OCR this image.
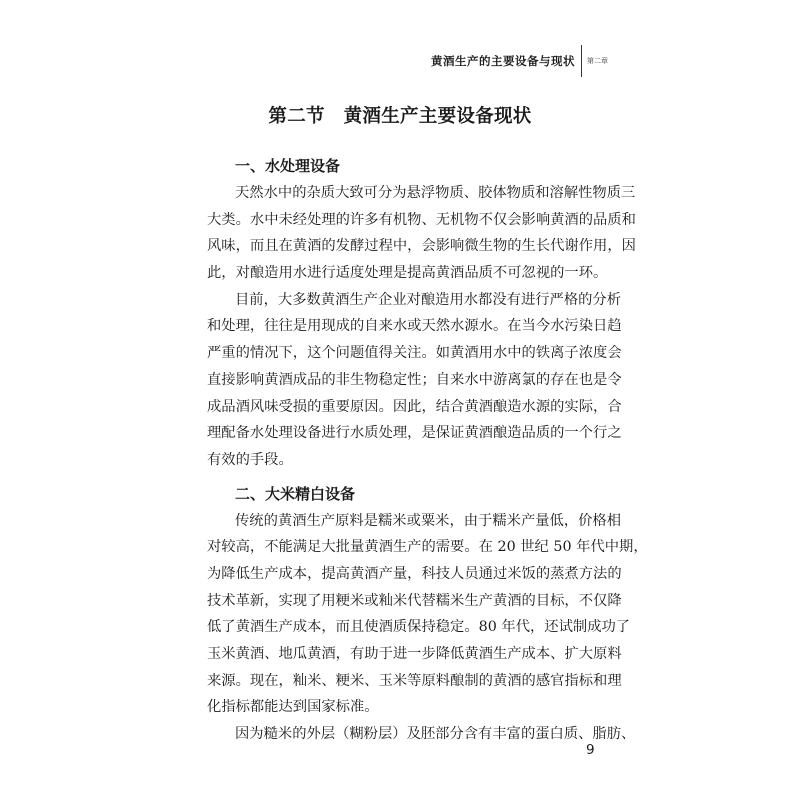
黄酒生产的主要设备与现状 第二章
第二节　黄酒生产主要设备现状
一、水处理设备
天 然 水 中 的 杂 质 大 致 可 分 为 悬 浮 物 质 、 胶 体 物 质 和 溶 解 性 物 质 三
大 类 。 水 中 未 经 处 理 的 许 多 有 机 物 、 无 机 物 不 仅 会 影 响 黄 酒 的 品 质 和
风 味 ， 而 且 在 黄 酒 的 发 酵 过 程 中 ， 会 影 响 微 生 物 的 生 长 代 谢 作 用 ， 因
此，对酿造用水进行适度处理是提高黄酒品质不可忽视的一环。
目 前 ， 大 多 数 黄 酒 生 产 企 业 对 酿 造 用 水 都 没 有 进 行 严 格 的 分 析
和 处 理 ， 往 往 是 用 现 成 的 自 来 水 或 天 然 水 源 水 。 在 当 今 水 污 染 日 趋
严 重 的 情 况 下 ， 这 个 问 题 值 得 关 注 。 如 黄 酒 用 水 中 的 铁 离 子 浓 度 会
直 接 影 响 黄 酒 成 品 的 非 生 物 稳 定 性 ； 自 来 水 中 游 离 氯 的 存 在 也 是 令
成 品 酒 风 味 受 损 的 重 要 原 因 。 因 此 ， 结 合 黄 酒 酿 造 水 源 的 实 际 ， 合
理 配 备 水 处 理 设 备 进 行 水 质 处 理 ， 是 保 证 黄 酒 酿 造 品 质 的 一 个 行 之
有效的手段。
二、大米精白设备
传 统 的 黄 酒 生 产 原 料 是 糯 米 或 粟 米 ， 由 于 糯 米 产 量 低 ， 价 格 相
对 较 高 ， 不 能 满 足 大 批 量 黄 酒 生 产 的 需 要 。 在
2 0
世 纪
5 0
年 代 中 期 ，
为 降 低 生 产 成 本 ， 提 高 黄 酒 产 量 ， 科 技 人 员 通 过 米 饭 的 蒸 煮 方 法 的
技 术 革 新 ， 实 现 了 用 粳 米 或 籼 米 代 替 糯 米 生 产 黄 酒 的 目 标 ， 不 仅 降
低 了 黄 酒 生 产 成 本 ， 而 且 使 酒 质 保 持 稳 定 。 8 0
年 代 ， 还 试 制 成 功 了
玉 米 黄 酒 、 地 瓜 黄 酒 ， 有 助 于 进 一 步 降 低 黄 酒 生 产 成 本 、 扩 大 原 料
来 源 。 现 在 ， 籼 米 、 粳 米 、 玉 米 等 原 料 酿 制 的 黄 酒 的 感 官 指 标 和 理
化指标都能达到国家标准。
因 为 糙 米 的 外 层 （ 糊 粉 层 ） 及 胚 部 分 含 有 丰 富 的 蛋 白 质 、 脂 肪 、
9
